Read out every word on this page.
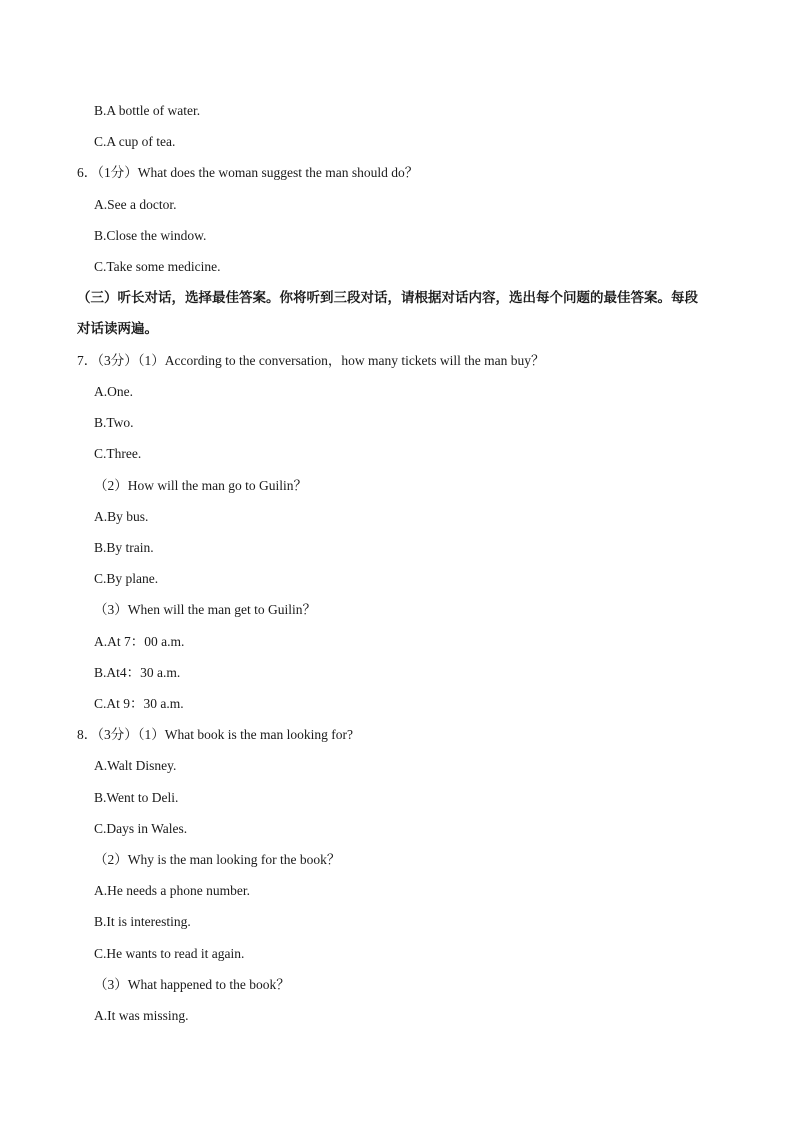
B.A bottle of water.
C.A cup of tea.
6．（1分）What does the woman suggest the man should do？
A.See a doctor.
B.Close the window.
C.Take some medicine.
（三）听长对话，选择最佳答案。你将听到三段对话，请根据对话内容，选出每个问题的最佳答案。每段
对话读两遍。
7．（3分）（1）According to the conversation，how many tickets will the man buy？
A.One.
B.Two.
C.Three.
（2）How will the man go to Guilin？
A.By bus.
B.By train.
C.By plane.
（3）When will the man get to Guilin？
A.At 7：00 a.m.
B.At4：30 a.m.
C.At 9：30 a.m.
8．（3分）（1）What book is the man looking for?
A.Walt Disney.
B.Went to Deli.
C.Days in Wales.
（2）Why is the man looking for the book？
A.He needs a phone number.
B.It is interesting.
C.He wants to read it again.
（3）What happened to the book？
A.It was missing.
